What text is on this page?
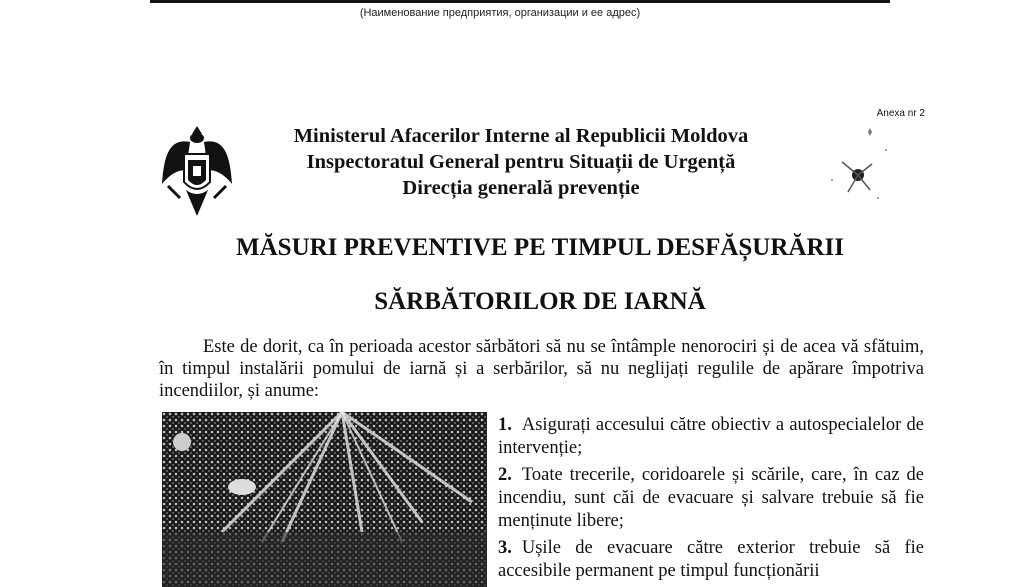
(Наименование предприятия, организации и ее адрес)
Anexa nr 2
Ministerul Afacerilor Interne al Republicii Moldova
Inspectoratul General pentru Situații de Urgență
Direcția generală prevenție
MĂSURI PREVENTIVE PE TIMPUL DESFĂȘURĂRII
SĂRBĂTORILOR DE IARNĂ

Este de dorit, ca în perioada acestor sărbători să nu se întâmple nenorociri și de acea vă sfătuim, în timpul instalării pomului de iarnă și a serbărilor, să nu neglijați regulile de apărare împotriva incendiilor, și anume:

1. Asigurați accesului către obiectiv a autospecialelor de intervenție;
2. Toate trecerile, coridoarele și scările, care, în caz de incendiu, sunt căi de evacuare și salvare trebuie să fie menținute libere;
3. Ușile de evacuare către exterior trebuie să fie accesibile permanent pe timpul funcționării
